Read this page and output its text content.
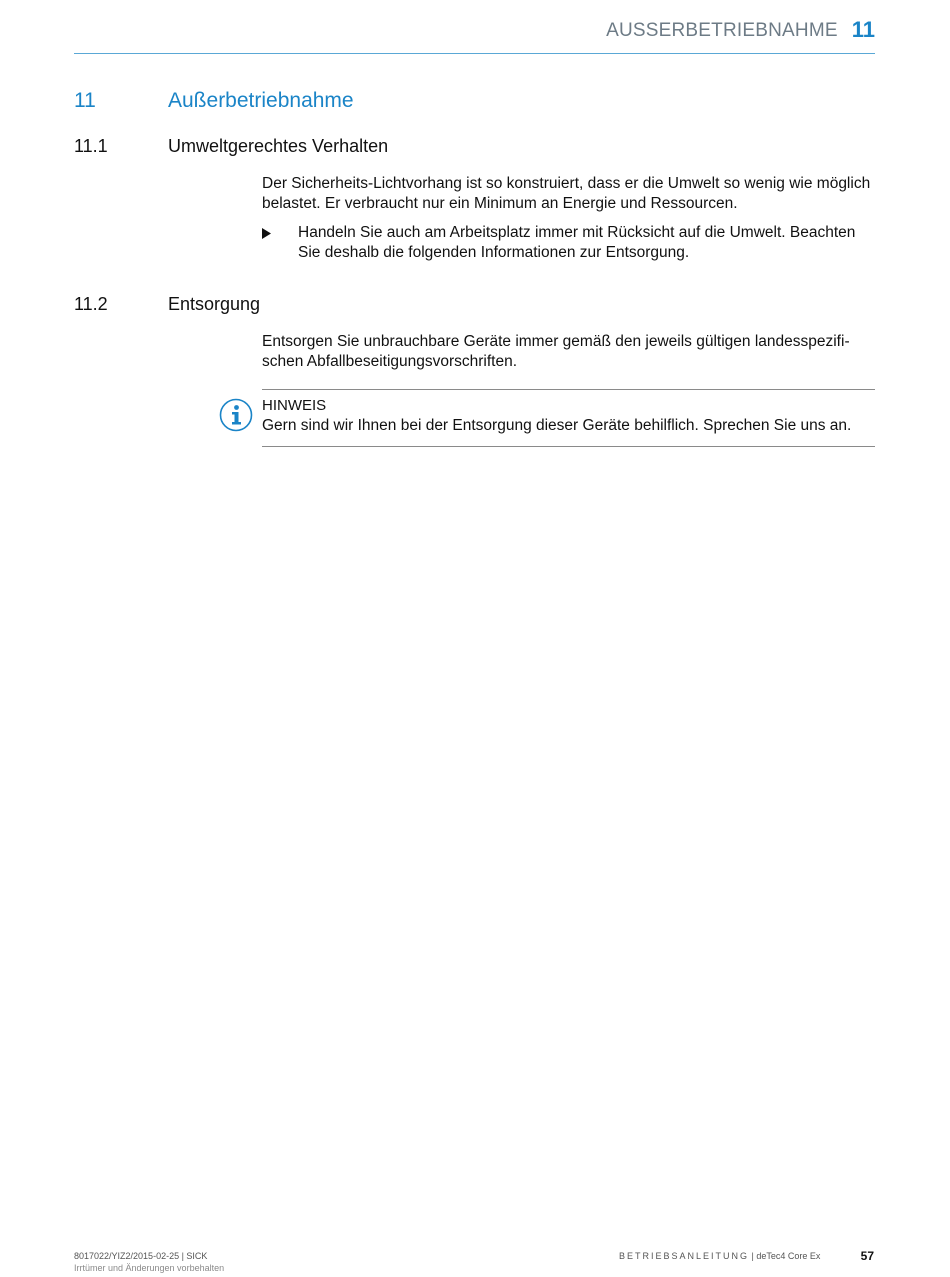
AUSSERBETRIEBNAHME 11
11	Außerbetriebnahme
11.1	Umweltgerechtes Verhalten

Der Sicherheits-Lichtvorhang ist so konstruiert, dass er die Umwelt so wenig wie möglich belastet. Er verbraucht nur ein Minimum an Energie und Ressourcen.

Handeln Sie auch am Arbeitsplatz immer mit Rücksicht auf die Umwelt. Beachten Sie deshalb die folgenden Informationen zur Entsorgung.
11.2	Entsorgung

Entsorgen Sie unbrauchbare Geräte immer gemäß den jeweils gültigen landesspezifischen Abfallbeseitigungsvorschriften.

HINWEIS
Gern sind wir Ihnen bei der Entsorgung dieser Geräte behilflich. Sprechen Sie uns an.
8017022/YIZ2/2015-02-25 | SICK
Irrtümer und Änderungen vorbehalten
BETRIEBSANLEITUNG | deTec4 Core Ex	57
